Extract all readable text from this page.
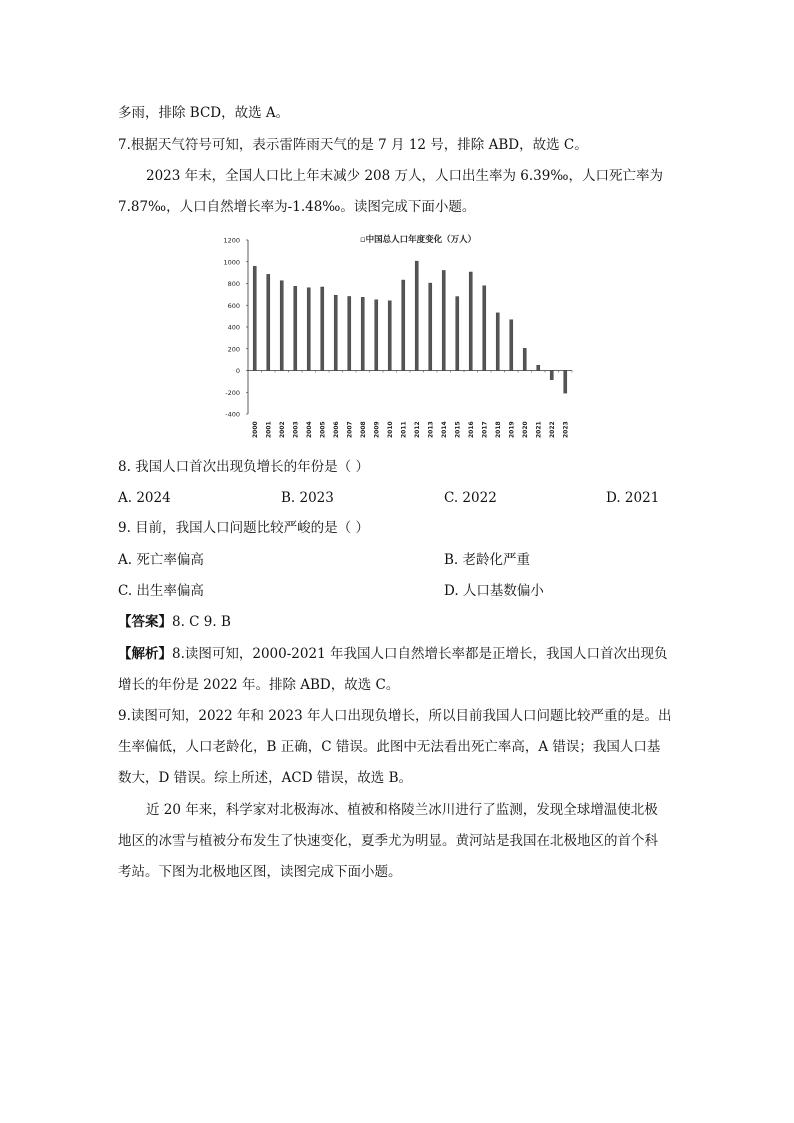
多雨，排除 BCD，故选 A。
7.根据天气符号可知，表示雷阵雨天气的是 7 月 12 号，排除 ABD，故选 C。
2023 年末，全国人口比上年末减少 208 万人，人口出生率为 6.39‰，人口死亡率为
7.87‰，人口自然增长率为-1.48‰。读图完成下面小题。
-400
-200
0
200
400
600
800
1000
1200
2000 2001 2002 2003 2004 2005 2006 2007 2008 2009 2010 2011 2012 2013 2014 2015 2016 2017 2018 2019 2020 2021 2022 2023
▫中国总人口年度变化（万人）
8. 我国人口首次出现负增长的年份是（ ）
A. 2024	B. 2023	C. 2022	D. 2021
9. 目前，我国人口问题比较严峻的是（ ）
A. 死亡率偏高	B. 老龄化严重
C. 出生率偏高	D. 人口基数偏小
【答案】8. C 9. B
【解析】8.读图可知，2000-2021 年我国人口自然增长率都是正增长，我国人口首次出现负
增长的年份是 2022 年。排除 ABD，故选 C。
9.读图可知，2022 年和 2023 年人口出现负增长，所以目前我国人口问题比较严重的是。出
生率偏低，人口老龄化，B 正确，C 错误。此图中无法看出死亡率高，A 错误；我国人口基
数大，D 错误。综上所述，ACD 错误，故选 B。
近 20 年来，科学家对北极海冰、植被和格陵兰冰川进行了监测，发现全球增温使北极
地区的冰雪与植被分布发生了快速变化，夏季尤为明显。黄河站是我国在北极地区的首个科
考站。下图为北极地区图，读图完成下面小题。
